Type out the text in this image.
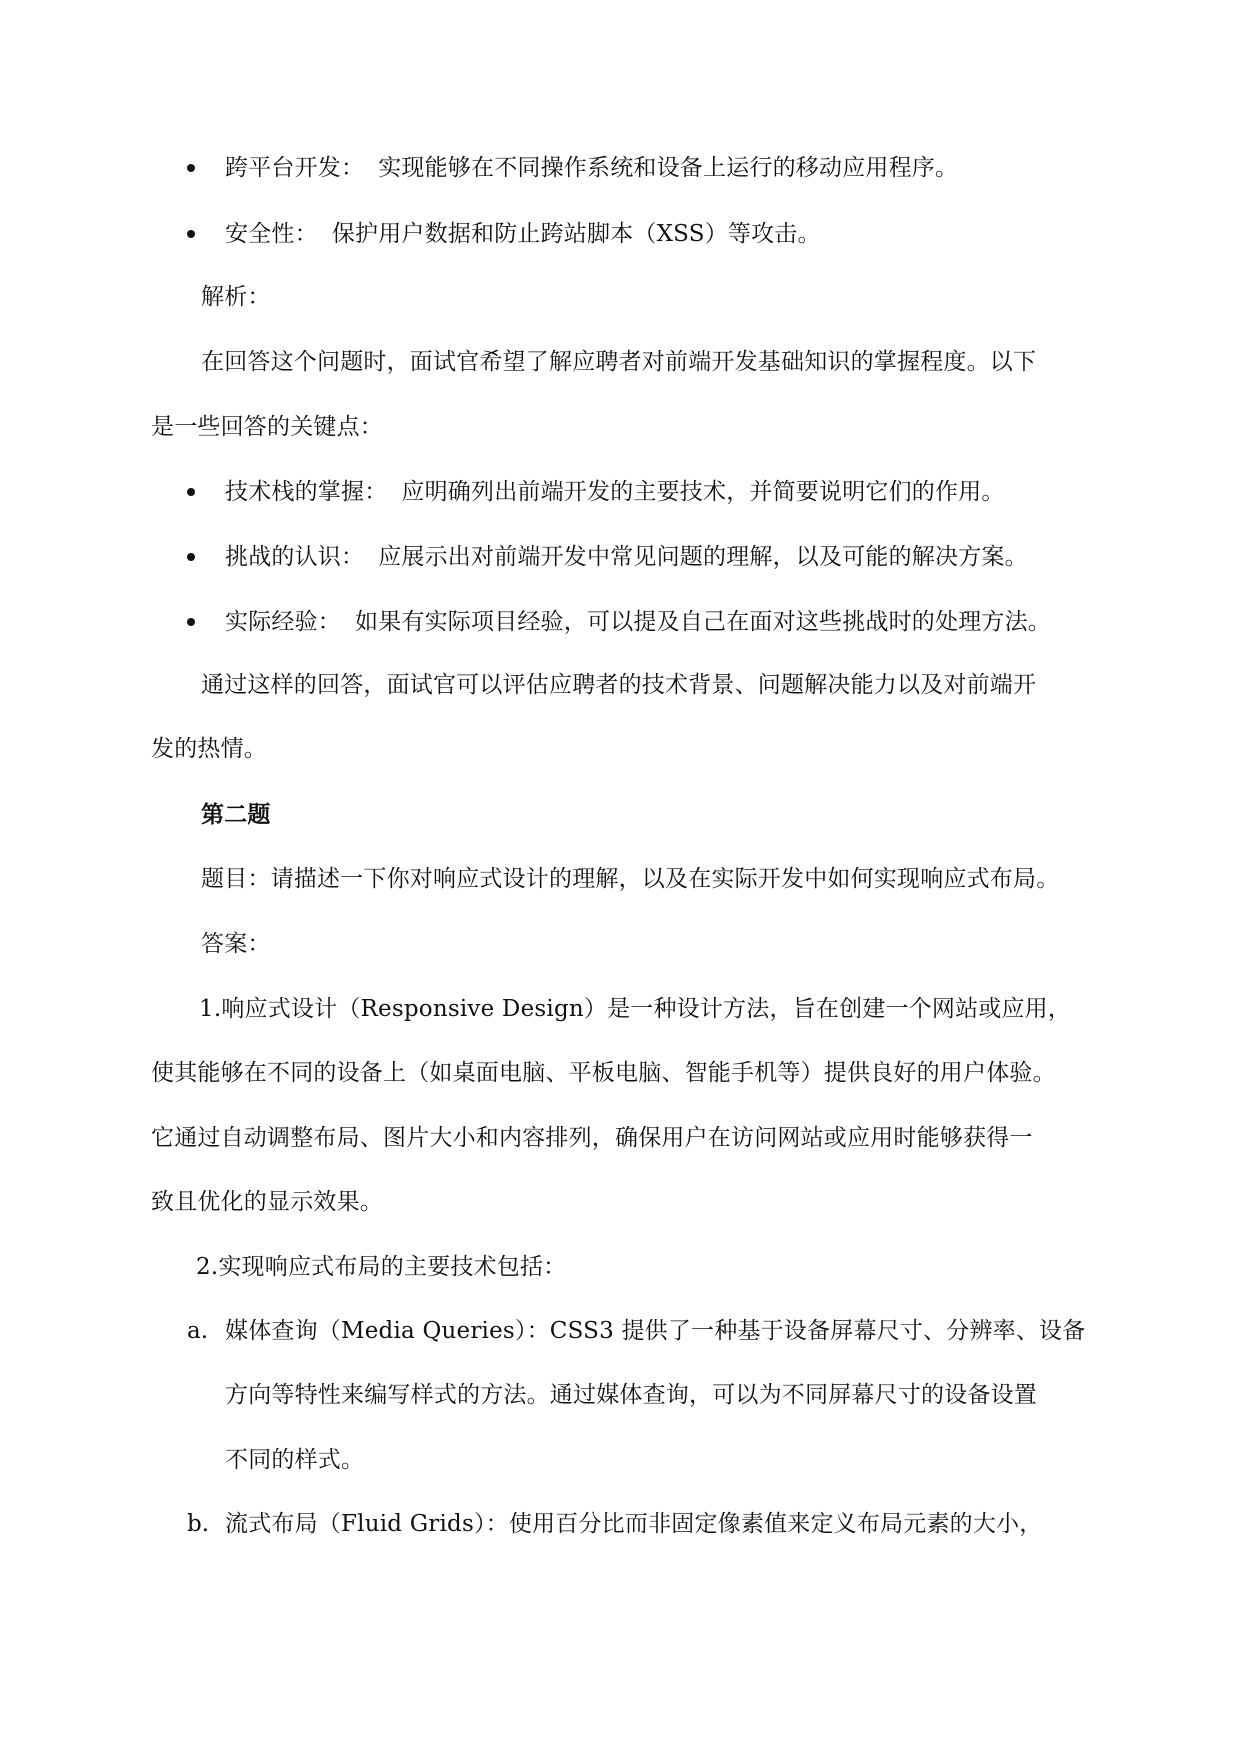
跨平台开发： 实现能够在不同操作系统和设备上运行的移动应用程序。
安全性： 保护用户数据和防止跨站脚本（XSS）等攻击。
解析：
在回答这个问题时，面试官希望了解应聘者对前端开发基础知识的掌握程度。以下
是一些回答的关键点：
技术栈的掌握： 应明确列出前端开发的主要技术，并简要说明它们的作用。
挑战的认识： 应展示出对前端开发中常见问题的理解，以及可能的解决方案。
实际经验： 如果有实际项目经验，可以提及自己在面对这些挑战时的处理方法。
通过这样的回答，面试官可以评估应聘者的技术背景、问题解决能力以及对前端开
发的热情。
第二题
题目：请描述一下你对响应式设计的理解，以及在实际开发中如何实现响应式布局。
答案：
1.响应式设计（Responsive Design）是一种设计方法，旨在创建一个网站或应用，
使其能够在不同的设备上（如桌面电脑、平板电脑、智能手机等）提供良好的用户体验。
它通过自动调整布局、图片大小和内容排列，确保用户在访问网站或应用时能够获得一
致且优化的显示效果。
2.实现响应式布局的主要技术包括：
a. 媒体查询（Media Queries）：CSS3 提供了一种基于设备屏幕尺寸、分辨率、设备
方向等特性来编写样式的方法。通过媒体查询，可以为不同屏幕尺寸的设备设置
不同的样式。
b. 流式布局（Fluid Grids）：使用百分比而非固定像素值来定义布局元素的大小，
